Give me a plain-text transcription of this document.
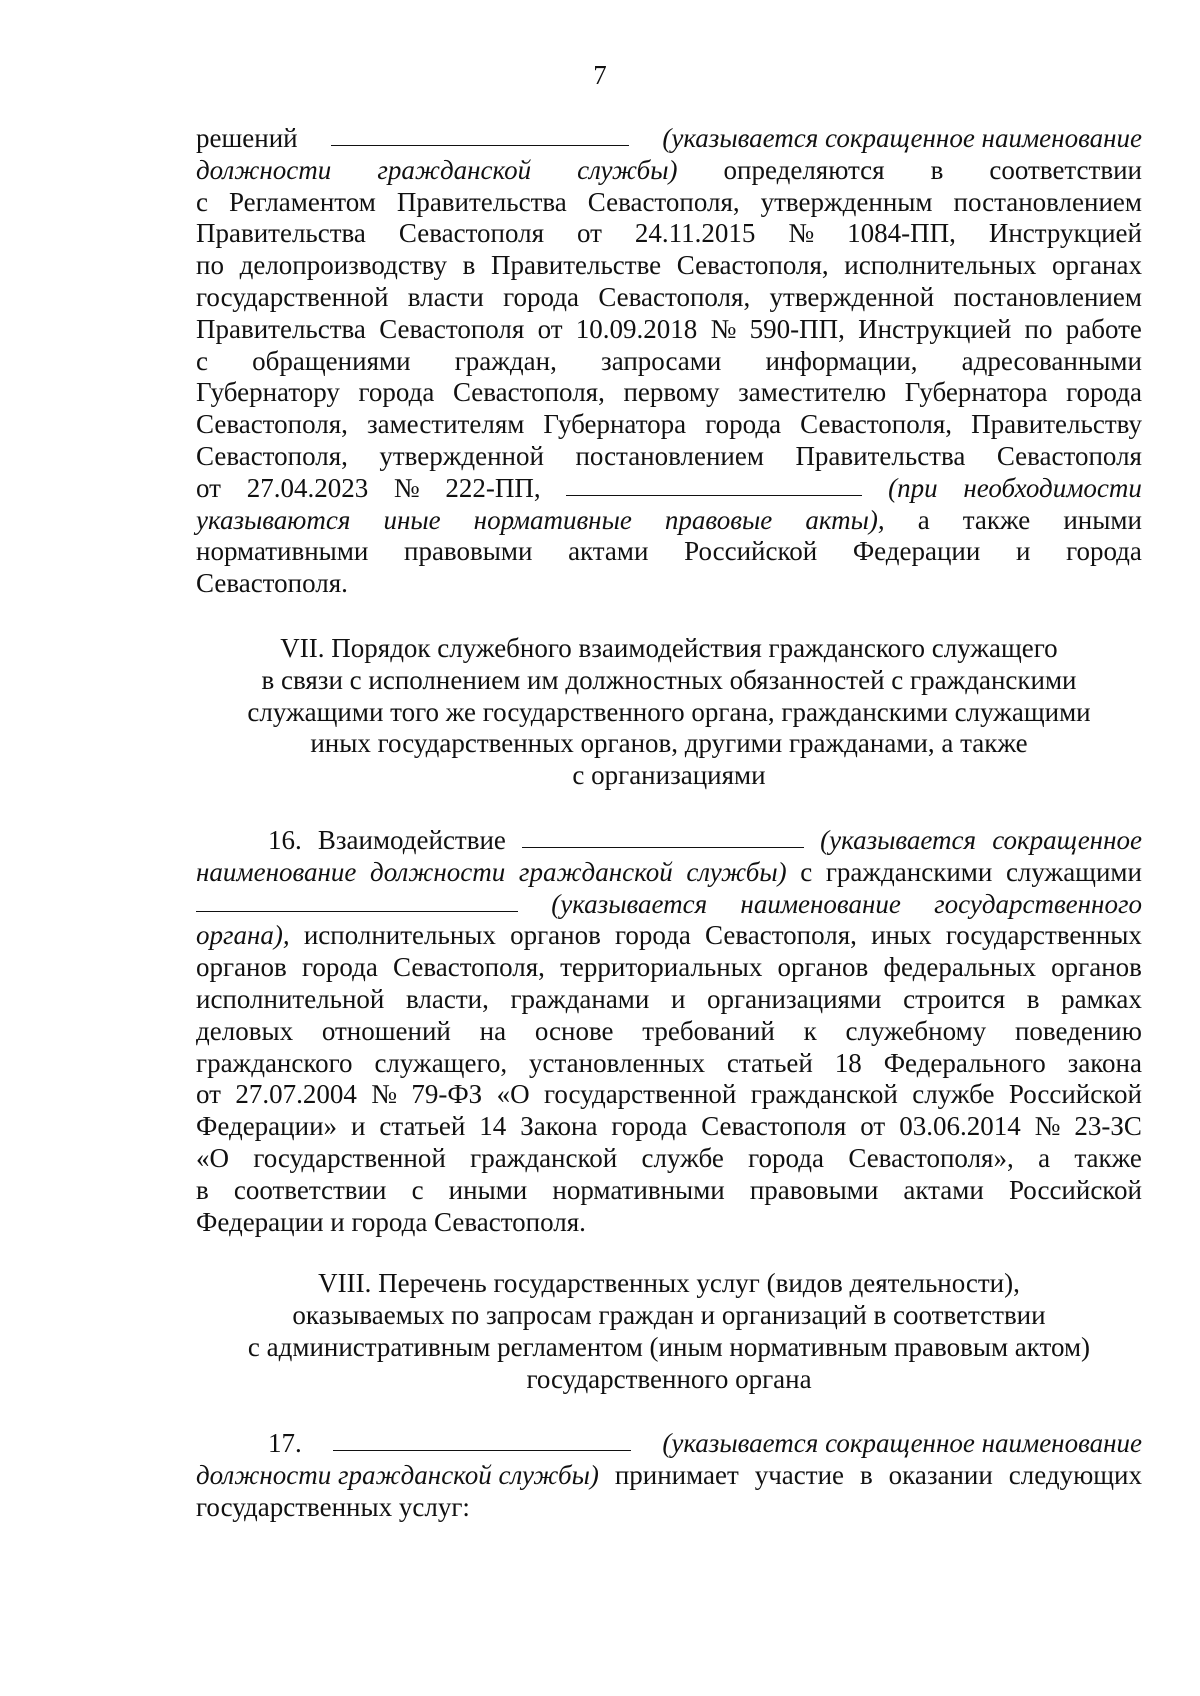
7
решений	(указывается сокращенное наименование
должности гражданской службы) определяются в соответствии
с Регламентом Правительства Севастополя, утвержденным постановлением
Правительства Севастополя от 24.11.2015 № 1084-ПП, Инструкцией
по делопроизводству в Правительстве Севастополя, исполнительных органах
государственной власти города Севастополя, утвержденной постановлением
Правительства Севастополя от 10.09.2018 № 590-ПП, Инструкцией по работе
с обращениями граждан, запросами информации, адресованными
Губернатору города Севастополя, первому заместителю Губернатора города
Севастополя, заместителям Губернатора города Севастополя, Правительству
Севастополя, утвержденной постановлением Правительства Севастополя
от 27.04.2023 № 222-ПП,	(при необходимости
указываются иные нормативные правовые акты), а также иными
нормативными правовыми актами Российской Федерации и города
Севастополя.
VII. Порядок служебного взаимодействия гражданского служащего
в связи с исполнением им должностных обязанностей с гражданскими
служащими того же государственного органа, гражданскими служащими
иных государственных органов, другими гражданами, а также
с организациями
16. Взаимодействие	(указывается сокращенное
наименование должности гражданской службы) с гражданскими служащими
(указывается наименование государственного
органа), исполнительных органов города Севастополя, иных государственных
органов города Севастополя, территориальных органов федеральных органов
исполнительной власти, гражданами и организациями строится в рамках
деловых отношений на основе требований к служебному поведению
гражданского служащего, установленных статьей 18 Федерального закона
от 27.07.2004 № 79-ФЗ «О государственной гражданской службе Российской
Федерации» и статьей 14 Закона города Севастополя от 03.06.2014 № 23-ЗС
«О государственной гражданской службе города Севастополя», а также
в соответствии с иными нормативными правовыми актами Российской
Федерации и города Севастополя.
VIII. Перечень государственных услуг (видов деятельности),
оказываемых по запросам граждан и организаций в соответствии
с административным регламентом (иным нормативным правовым актом)
государственного органа
17.	(указывается сокращенное наименование
должности гражданской службы) принимает участие в оказании следующих
государственных услуг:
